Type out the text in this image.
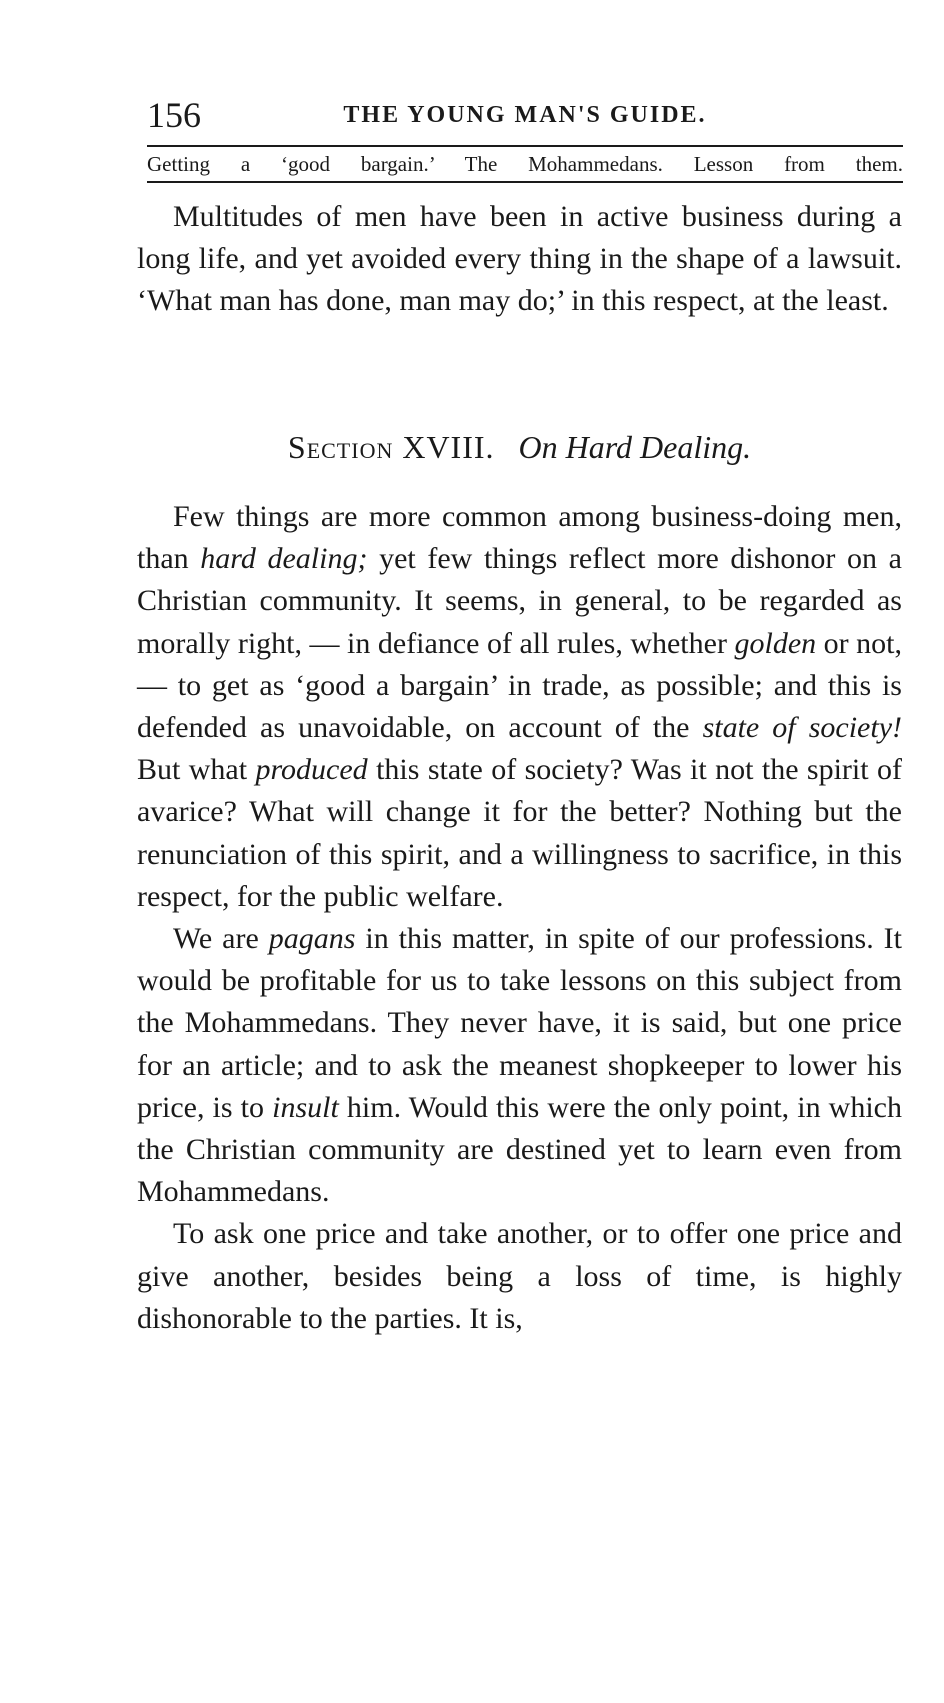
156	THE YOUNG MAN'S GUIDE.
Getting a ‘good bargain.’ The Mohammedans. Lesson from them.

Multitudes of men have been in active business during a long life, and yet avoided every thing in the shape of a lawsuit. ‘What man has done, man may do;’ in this respect, at the least.

Section XVIII. On Hard Dealing.

Few things are more common among business-doing men, than hard dealing; yet few things reflect more dishonor on a Christian community. It seems, in general, to be regarded as morally right, — in defiance of all rules, whether golden or not, — to get as ‘good a bargain’ in trade, as possible; and this is defended as unavoidable, on account of the state of society! But what produced this state of society? Was it not the spirit of avarice? What will change it for the better? Nothing but the renunciation of this spirit, and a willingness to sacrifice, in this respect, for the public welfare.

We are pagans in this matter, in spite of our professions. It would be profitable for us to take lessons on this subject from the Mohammedans. They never have, it is said, but one price for an article; and to ask the meanest shopkeeper to lower his price, is to insult him. Would this were the only point, in which the Christian community are destined yet to learn even from Mohammedans.

To ask one price and take another, or to offer one price and give another, besides being a loss of time, is highly dishonorable to the parties. It is,
